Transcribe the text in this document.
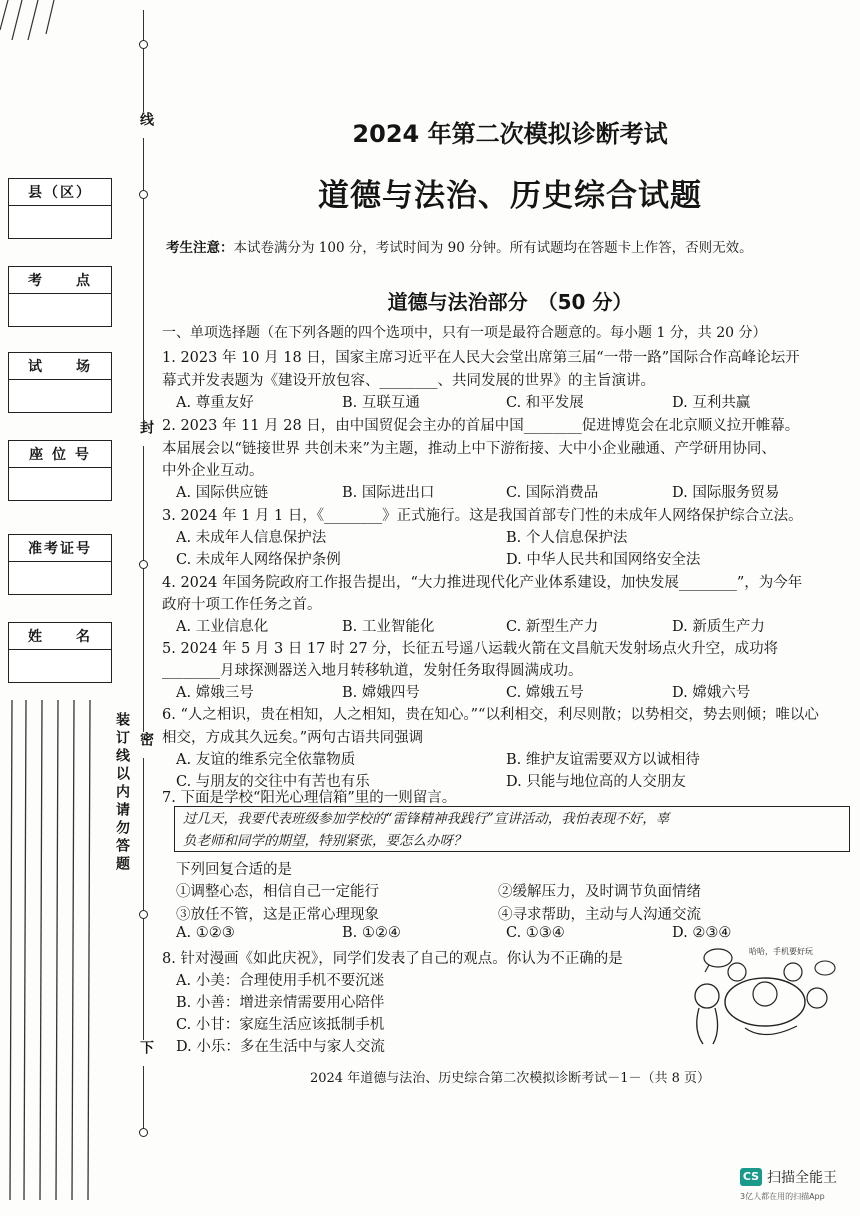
县（区）
考　　点
试　　场
座 位 号
准考证号
姓　　名
线
封
密
装订线以内请勿答题
下
2024 年第二次模拟诊断考试
道德与法治、历史综合试题
考生注意：本试卷满分为 100 分，考试时间为 90 分钟。所有试题均在答题卡上作答，否则无效。
道德与法治部分　（50 分）
一、单项选择题（在下列各题的四个选项中，只有一项是最符合题意的。每小题 1 分，共 20 分）
1. 2023 年 10 月 18 日，国家主席习近平在人民大会堂出席第三届“一带一路”国际合作高峰论坛开
幕式并发表题为《建设开放包容、________、共同发展的世界》的主旨演讲。
A. 尊重友好	B. 互联互通	C. 和平发展	D. 互利共赢
2. 2023 年 11 月 28 日，由中国贸促会主办的首届中国________促进博览会在北京顺义拉开帷幕。
本届展会以“链接世界 共创未来”为主题，推动上中下游衔接、大中小企业融通、产学研用协同、
中外企业互动。
A. 国际供应链	B. 国际进出口	C. 国际消费品	D. 国际服务贸易
3. 2024 年 1 月 1 日，《________》正式施行。这是我国首部专门性的未成年人网络保护综合立法。
A. 未成年人信息保护法	B. 个人信息保护法
C. 未成年人网络保护条例	D. 中华人民共和国网络安全法
4. 2024 年国务院政府工作报告提出，“大力推进现代化产业体系建设，加快发展________”，为今年
政府十项工作任务之首。
A. 工业信息化	B. 工业智能化	C. 新型生产力	D. 新质生产力
5. 2024 年 5 月 3 日 17 时 27 分，长征五号遥八运载火箭在文昌航天发射场点火升空，成功将
________月球探测器送入地月转移轨道，发射任务取得圆满成功。
A. 嫦娥三号	B. 嫦娥四号	C. 嫦娥五号	D. 嫦娥六号
6. “人之相识，贵在相知，人之相知，贵在知心。”“以利相交，利尽则散；以势相交，势去则倾；唯以心
相交，方成其久远矣。”两句古语共同强调
A. 友谊的维系完全依靠物质	B. 维护友谊需要双方以诚相待
C. 与朋友的交往中有苦也有乐	D. 只能与地位高的人交朋友
7. 下面是学校“阳光心理信箱”里的一则留言。
过几天，我要代表班级参加学校的“雷锋精神我践行”宣讲活动，我怕表现不好，辜
负老师和同学的期望，特别紧张，要怎么办呀？
下列回复合适的是
①调整心态，相信自己一定能行	②缓解压力，及时调节负面情绪
③放任不管，这是正常心理现象	④寻求帮助，主动与人沟通交流
A. ①②③	B. ①②④	C. ①③④	D. ②③④
8. 针对漫画《如此庆祝》，同学们发表了自己的观点。你认为不正确的是
A. 小美：合理使用手机不要沉迷
B. 小善：增进亲情需要用心陪伴
C. 小甘：家庭生活应该抵制手机
D. 小乐：多在生活中与家人交流
哈哈，手机要好玩
2024 年道德与法治、历史综合第二次模拟诊断考试－1－（共 8 页）
CS 扫描全能王
3亿人都在用的扫描App
